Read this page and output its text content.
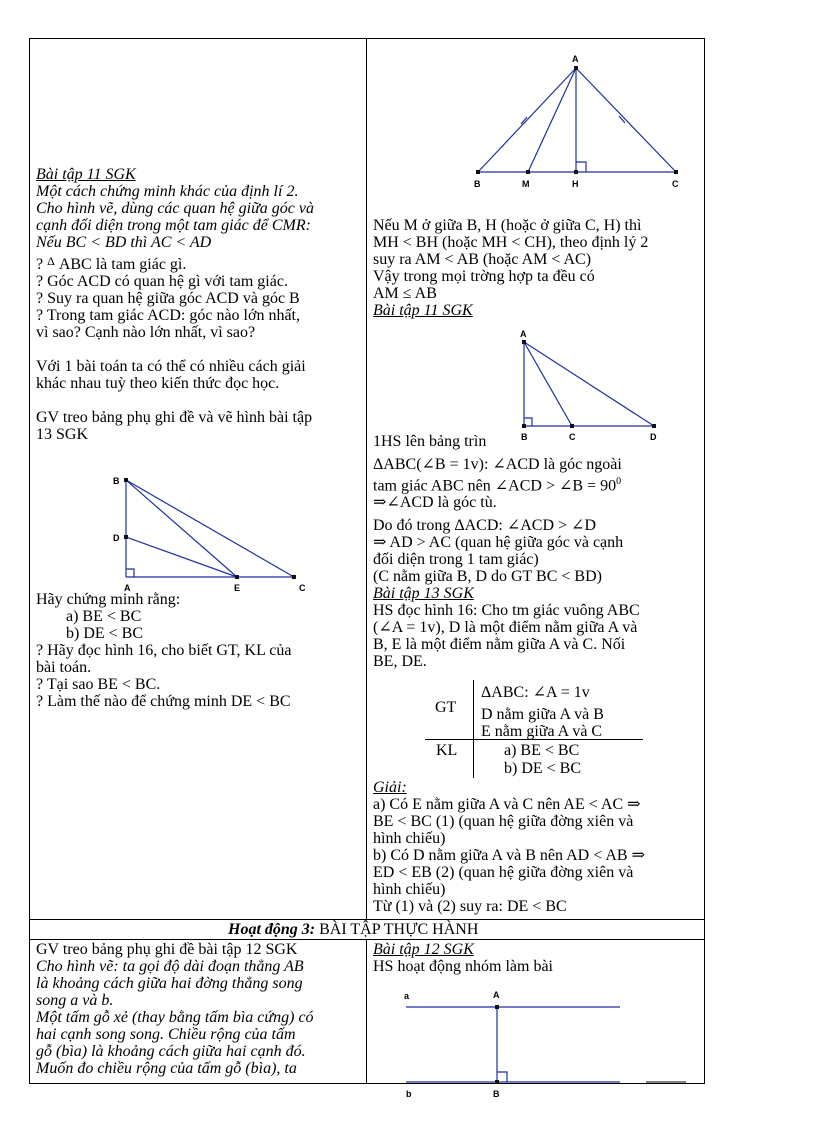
Bài tập 11 SGK

Một cách chứng minh khác của định lí 2.

Cho hình vẽ, dùng các quan hệ giữa góc và

cạnh đối diện trong một tam giác để CMR:

Nếu BC < BD thì AC < AD

? $^\Delta$ ABC là tam giác gì.

? Góc ACD có quan hệ gì với tam giác.

? Suy ra quan hệ giữa góc ACD và góc B

? Trong tam giác ACD: góc nào lớn nhất,

vì sao? Cạnh nào lớn nhất, vì sao?

Với 1 bài toán ta có thể có nhiều cách giải

khác nhau tuỳ theo kiến thức đọc học.

GV treo bảng phụ ghi đề và vẽ hình bài tập

13 SGK

B
D
A	E	C

Hãy chứng minh rằng:

a) BE < BC

b) DE < BC

? Hãy đọc hình 16, cho biết GT, KL của

bài toán.

? Tại sao BE < BC.

? Làm thế nào để chứng minh DE < BC

A
B	M	H	C

Nếu M ở giữa B, H (hoặc ở giữa C, H) thì

MH < BH (hoặc MH < CH), theo định lý 2

suy ra AM < AB (hoặc AM < AC)

Vậy trong mọi trờng hợp ta đều có

AM ≤ AB

Bài tập 11 SGK

A
B	C	D

1HS lên bảng trìn

ΔABC(∠B = 1v): ∠ACD là góc ngoài

tam giác ABC nên ∠ACD > ∠B = $90^0$

⇒∠ACD là góc tù.

Do đó trong ΔACD: ∠ACD > ∠D

⇒ AD > AC (quan hệ giữa góc và cạnh

đối diện trong 1 tam giác)

(C nằm giữa B, D do GT BC < BD)

Bài tập 13 SGK

HS đọc hình 16: Cho tm giác vuông ABC

(∠A = 1v), D là một điểm nằm giữa A và

B, E là một điểm nằm giữa A và C. Nối

BE, DE.

GT
ΔABC: ∠A = 1v
D nằm giữa A và B
E nằm giữa A và C
KL	a) BE < BC
b) DE < BC

Giải:

a) Có E nằm giữa A và C nên AE < AC ⇒

BE < BC (1) (quan hệ giữa đờng xiên và

hình chiếu)

b) Có D nằm giữa A và B nên AD < AB ⇒

ED < EB (2) (quan hệ giữa đờng xiên và

hình chiếu)

Từ (1) và (2) suy ra: DE < BC

Hoạt động 3: BÀI TẬP THỰC HÀNH

GV treo bảng phụ ghi đề bài tập 12 SGK

Cho hình vẽ: ta gọi độ dài đoạn thẳng AB

là khoảng cách giữa hai đờng thẳng song

song a và b.

Một tấm gỗ xẻ (thay bằng tấm bìa cứng) có

hai cạnh song song. Chiều rộng của tấm

gỗ (bìa) là khoảng cách giữa hai cạnh đó.

Muốn đo chiều rộng của tấm gỗ (bìa), ta

Bài tập 12 SGK

HS hoạt động nhóm làm bài

a	A
b	B
